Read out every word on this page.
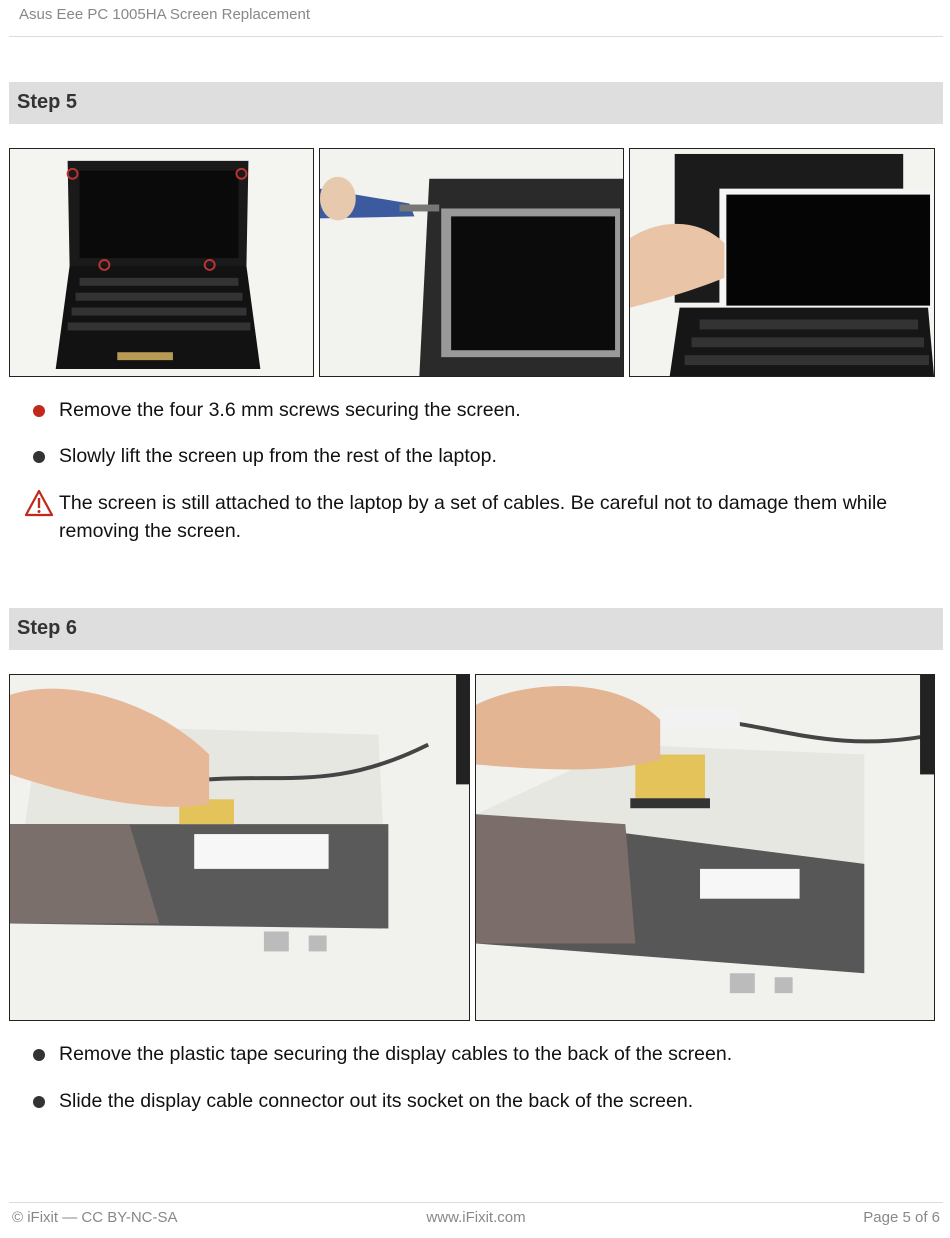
Asus Eee PC 1005HA Screen Replacement
Step 5
Remove the four 3.6 mm screws securing the screen.
Slowly lift the screen up from the rest of the laptop.
The screen is still attached to the laptop by a set of cables. Be careful not to damage them while removing the screen.
Step 6
Remove the plastic tape securing the display cables to the back of the screen.
Slide the display cable connector out its socket on the back of the screen.
© iFixit — CC BY-NC-SA	www.iFixit.com	Page 5 of 6
